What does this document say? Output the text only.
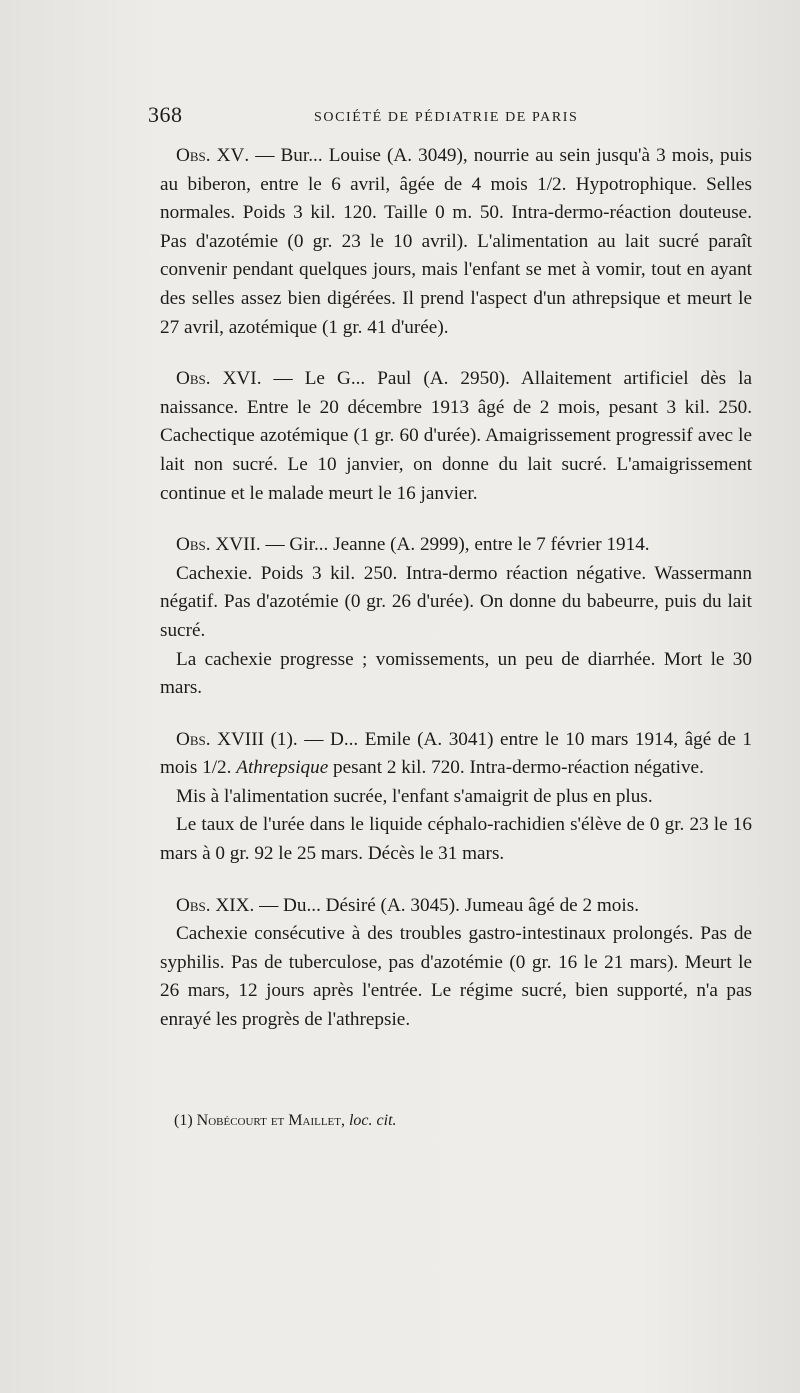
368	SOCIÉTÉ DE PÉDIATRIE DE PARIS

Obs. XV. — Bur... Louise (A. 3049), nourrie au sein jusqu'à 3 mois, puis au biberon, entre le 6 avril, âgée de 4 mois 1/2. Hypotrophique. Selles normales. Poids 3 kil. 120. Taille 0 m. 50. Intra-dermo-réaction douteuse. Pas d'azotémie (0 gr. 23 le 10 avril). L'alimentation au lait sucré paraît convenir pendant quelques jours, mais l'enfant se met à vomir, tout en ayant des selles assez bien digérées. Il prend l'aspect d'un athrepsique et meurt le 27 avril, azotémique (1 gr. 41 d'urée).

Obs. XVI. — Le G... Paul (A. 2950). Allaitement artificiel dès la naissance. Entre le 20 décembre 1913 âgé de 2 mois, pesant 3 kil. 250. Cachectique azotémique (1 gr. 60 d'urée). Amaigrissement progressif avec le lait non sucré. Le 10 janvier, on donne du lait sucré. L'amaigrissement continue et le malade meurt le 16 janvier.

Obs. XVII. — Gir... Jeanne (A. 2999), entre le 7 février 1914.

Cachexie. Poids 3 kil. 250. Intra-dermo réaction négative. Wassermann négatif. Pas d'azotémie (0 gr. 26 d'urée). On donne du babeurre, puis du lait sucré.

La cachexie progresse ; vomissements, un peu de diarrhée. Mort le 30 mars.

Obs. XVIII (1). — D... Emile (A. 3041) entre le 10 mars 1914, âgé de 1 mois 1/2. Athrepsique pesant 2 kil. 720. Intra-dermo-réaction négative.

Mis à l'alimentation sucrée, l'enfant s'amaigrit de plus en plus.

Le taux de l'urée dans le liquide céphalo-rachidien s'élève de 0 gr. 23 le 16 mars à 0 gr. 92 le 25 mars. Décès le 31 mars.

Obs. XIX. — Du... Désiré (A. 3045). Jumeau âgé de 2 mois.

Cachexie consécutive à des troubles gastro-intestinaux prolongés. Pas de syphilis. Pas de tuberculose, pas d'azotémie (0 gr. 16 le 21 mars). Meurt le 26 mars, 12 jours après l'entrée. Le régime sucré, bien supporté, n'a pas enrayé les progrès de l'athrepsie.

(1) Nobécourt et Maillet, loc. cit.
